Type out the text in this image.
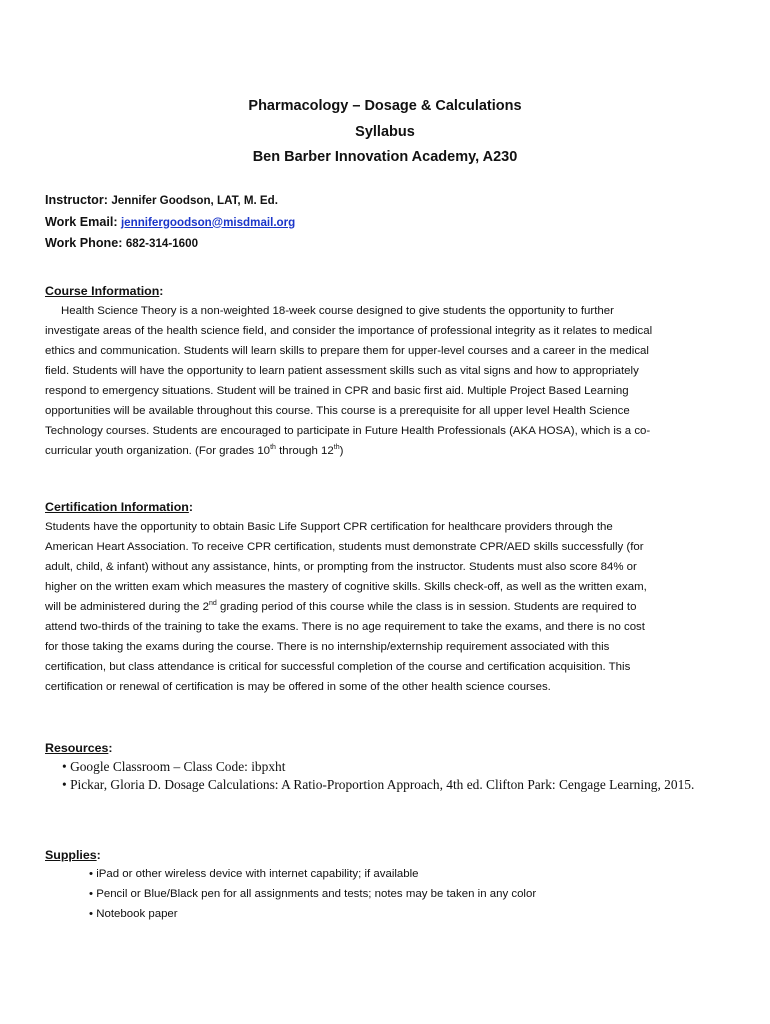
Pharmacology – Dosage & Calculations
Syllabus
Ben Barber Innovation Academy, A230
Instructor: Jennifer Goodson, LAT, M. Ed.
Work Email: jennifergoodson@misdmail.org
Work Phone: 682-314-1600
Course Information:
Health Science Theory is a non-weighted 18-week course designed to give students the opportunity to further
investigate areas of the health science field, and consider the importance of professional integrity as it relates to medical
ethics and communication. Students will learn skills to prepare them for upper-level courses and a career in the medical
field. Students will have the opportunity to learn patient assessment skills such as vital signs and how to appropriately
respond to emergency situations. Student will be trained in CPR and basic first aid. Multiple Project Based Learning
opportunities will be available throughout this course. This course is a prerequisite for all upper level Health Science
Technology courses. Students are encouraged to participate in Future Health Professionals (AKA HOSA), which is a co-
curricular youth organization. (For grades 10th through 12th)
Certification Information:
Students have the opportunity to obtain Basic Life Support CPR certification for healthcare providers through the
American Heart Association. To receive CPR certification, students must demonstrate CPR/AED skills successfully (for
adult, child, & infant) without any assistance, hints, or prompting from the instructor. Students must also score 84% or
higher on the written exam which measures the mastery of cognitive skills. Skills check-off, as well as the written exam,
will be administered during the 2nd grading period of this course while the class is in session. Students are required to
attend two-thirds of the training to take the exams. There is no age requirement to take the exams, and there is no cost
for those taking the exams during the course. There is no internship/externship requirement associated with this
certification, but class attendance is critical for successful completion of the course and certification acquisition. This
certification or renewal of certification is may be offered in some of the other health science courses.
Resources:
• Google Classroom – Class Code: ibpxht
• Pickar, Gloria D. Dosage Calculations: A Ratio-Proportion Approach, 4th ed. Clifton Park: Cengage Learning, 2015.
Supplies:
• iPad or other wireless device with internet capability; if available
• Pencil or Blue/Black pen for all assignments and tests; notes may be taken in any color
• Notebook paper
